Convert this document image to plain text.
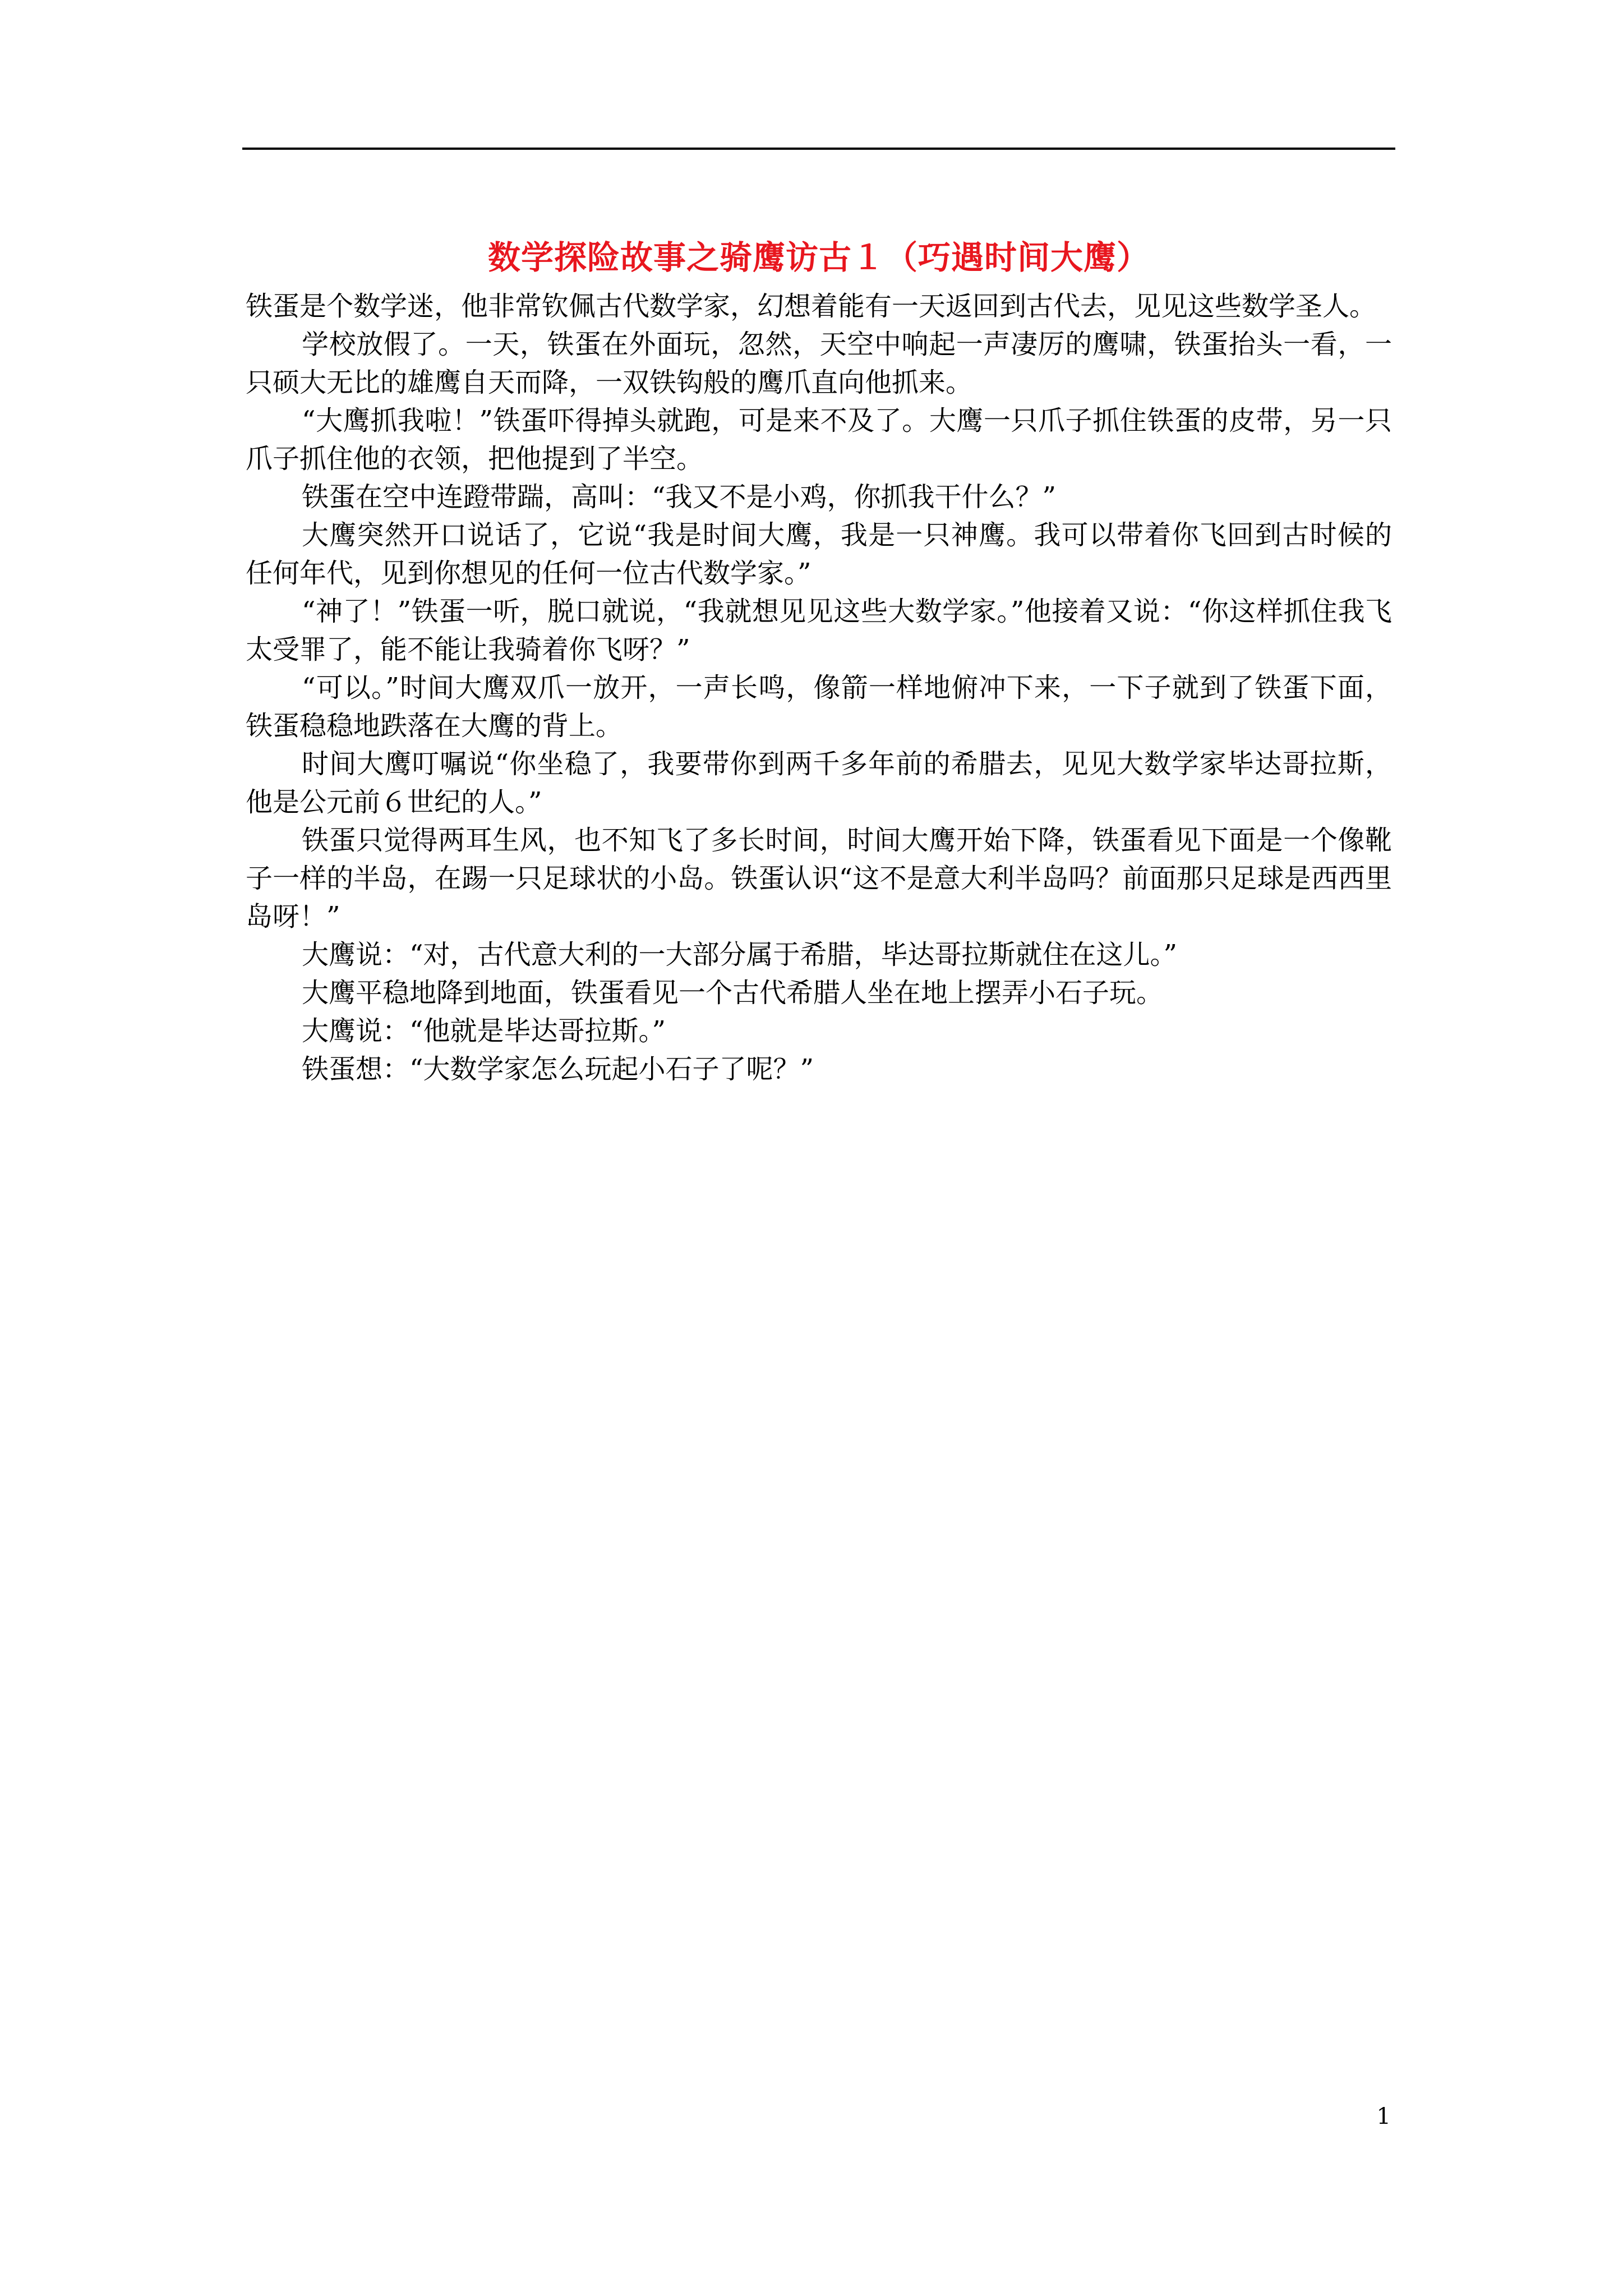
数学探险故事之骑鹰访古１（巧遇时间大鹰）

铁蛋是个数学迷，他非常钦佩古代数学家，幻想着能有一天返回到古代去，见见这些数学圣人。

学校放假了。一天，铁蛋在外面玩，忽然，天空中响起一声凄厉的鹰啸，铁蛋抬头一看，一只硕大无比的雄鹰自天而降，一双铁钩般的鹰爪直向他抓来。

“大鹰抓我啦！”铁蛋吓得掉头就跑，可是来不及了。大鹰一只爪子抓住铁蛋的皮带，另一只爪子抓住他的衣领，把他提到了半空。

铁蛋在空中连蹬带踹，高叫：“我又不是小鸡，你抓我干什么？”

大鹰突然开口说话了，它说“我是时间大鹰，我是一只神鹰。我可以带着你飞回到古时候的任何年代，见到你想见的任何一位古代数学家。”

“神了！”铁蛋一听，脱口就说，“我就想见见这些大数学家。”他接着又说：“你这样抓住我飞太受罪了，能不能让我骑着你飞呀？”

“可以。”时间大鹰双爪一放开，一声长鸣，像箭一样地俯冲下来，一下子就到了铁蛋下面，铁蛋稳稳地跌落在大鹰的背上。

时间大鹰叮嘱说“你坐稳了，我要带你到两千多年前的希腊去，见见大数学家毕达哥拉斯，他是公元前６世纪的人。”

铁蛋只觉得两耳生风，也不知飞了多长时间，时间大鹰开始下降，铁蛋看见下面是一个像靴子一样的半岛，在踢一只足球状的小岛。铁蛋认识“这不是意大利半岛吗？前面那只足球是西西里岛呀！”

大鹰说：“对，古代意大利的一大部分属于希腊，毕达哥拉斯就住在这儿。”

大鹰平稳地降到地面，铁蛋看见一个古代希腊人坐在地上摆弄小石子玩。

大鹰说：“他就是毕达哥拉斯。”

铁蛋想：“大数学家怎么玩起小石子了呢？”

1
